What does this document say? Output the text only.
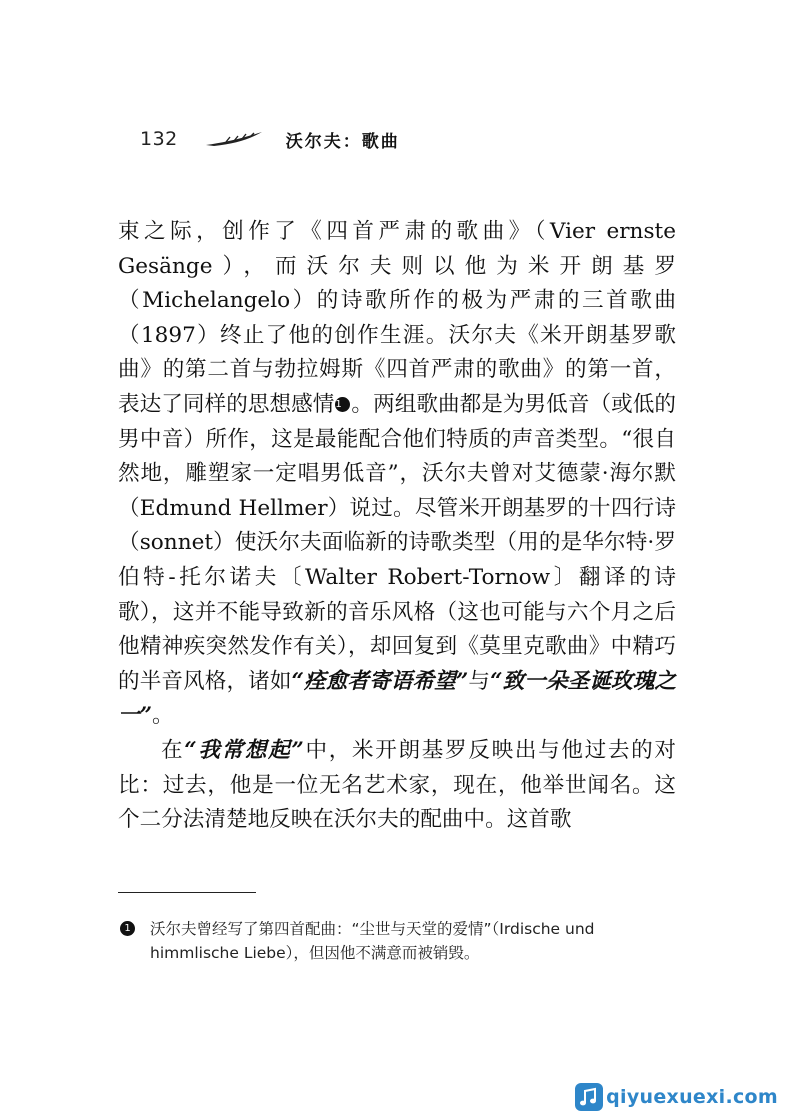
132	沃尔夫：歌曲

束之际，创作了《四首严肃的歌曲》（Vier ernste Gesänge），而沃尔夫则以他为米开朗基罗（Michelangelo）的诗歌所作的极为严肃的三首歌曲（1897）终止了他的创作生涯。沃尔夫《米开朗基罗歌曲》的第二首与勃拉姆斯《四首严肃的歌曲》的第一首，表达了同样的思想感情1 。两组歌曲都是为男低音（或低的男中音）所作，这是最能配合他们特质的声音类型。“很自然地，雕塑家一定唱男低音”，沃尔夫曾对艾德蒙·海尔默（Edmund Hellmer）说过。尽管米开朗基罗的十四行诗（sonnet）使沃尔夫面临新的诗歌类型（用的是华尔特·罗伯特-托尔诺夫〔Walter Robert-Tornow〕翻译的诗歌），这并不能导致新的音乐风格（这也可能与六个月之后他精神疾突然发作有关），却回复到《莫里克歌曲》中精巧的半音风格，诸如“痊愈者寄语希望”与“致一朵圣诞玫瑰之一”。

在“我常想起”中，米开朗基罗反映出与他过去的对比：过去，他是一位无名艺术家，现在，他举世闻名。这个二分法清楚地反映在沃尔夫的配曲中。这首歌

1 沃尔夫曾经写了第四首配曲：“尘世与天堂的爱情”（Irdische und himmlische Liebe），但因他不满意而被销毁。
qiyuexuexi.com
